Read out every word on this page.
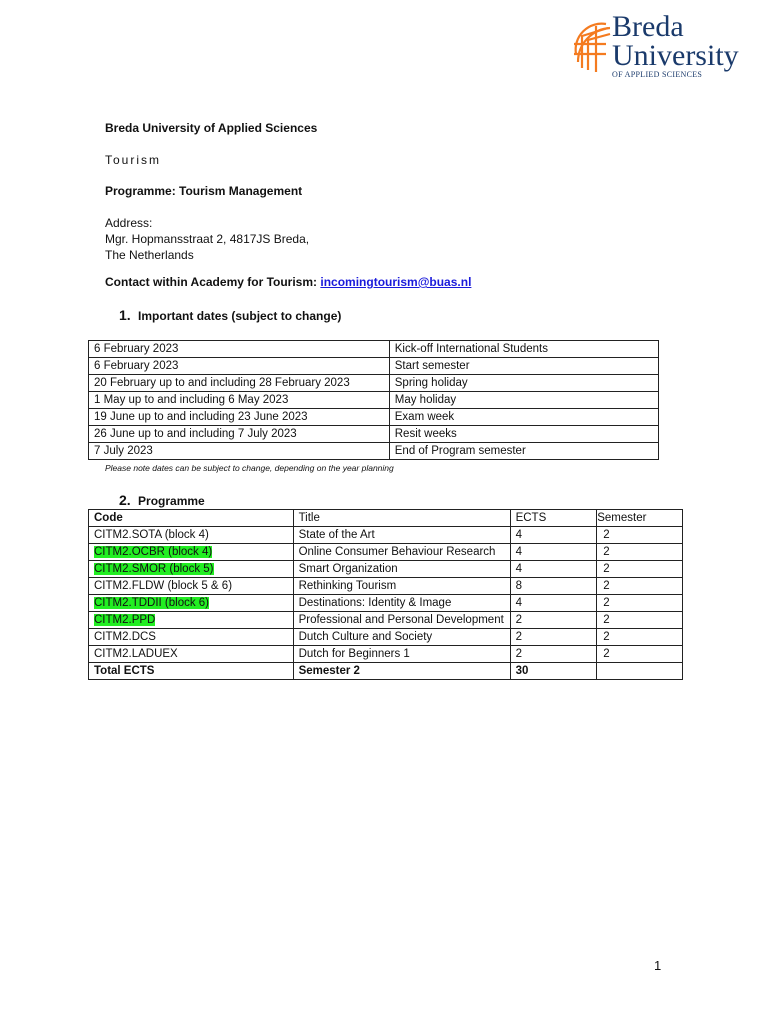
Breda
University
OF APPLIED SCIENCES
Breda University of Applied Sciences
Tourism
Programme: Tourism Management
Address:
Mgr. Hopmansstraat 2, 4817JS Breda,
The Netherlands
Contact within Academy for Tourism: incomingtourism@buas.nl
1. Important dates (subject to change)
6 February 2023	Kick-off International Students
6 February 2023	Start semester
20 February up to and including 28 February 2023	Spring holiday
1 May up to and including 6 May 2023	May holiday
19 June up to and including 23 June 2023	Exam week
26 June up to and including 7 July 2023	Resit weeks
7 July 2023	End of Program semester
Please note dates can be subject to change, depending on the year planning
2. Programme
Code	Title	ECTS	Semester
CITM2.SOTA (block 4)	State of the Art	4	2
CITM2.OCBR (block 4)	Online Consumer Behaviour Research	4	2
CITM2.SMOR (block 5)	Smart Organization	4	2
CITM2.FLDW (block 5 & 6)	Rethinking Tourism	8	2
CITM2.TDDII (block 6)	Destinations: Identity & Image	4	2
CITM2.PPD	Professional and Personal Development	2	2
CITM2.DCS	Dutch Culture and Society	2	2
CITM2.LADUEX	Dutch for Beginners 1	2	2
Total ECTS	Semester 2	30	
1
